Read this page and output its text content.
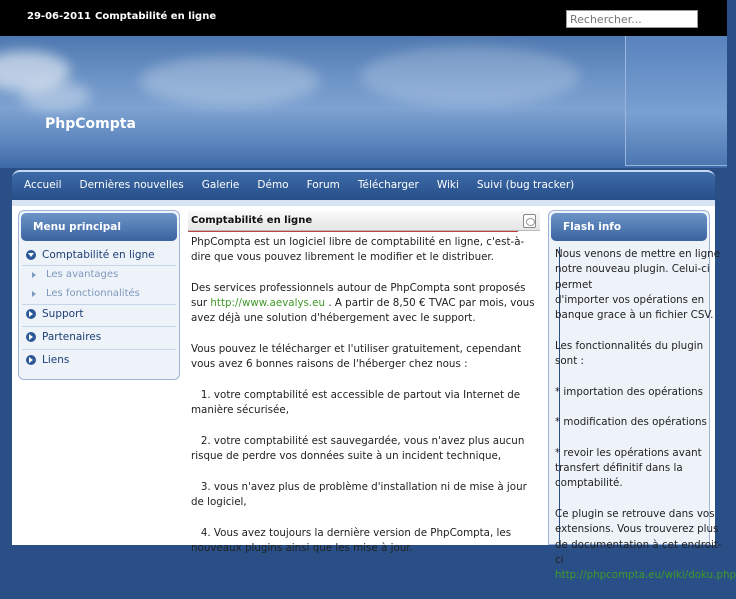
29-06-2011 Comptabilité en ligne
Rechercher...
PhpCompta
Accueil Dernières nouvelles Galerie Démo Forum Télécharger Wiki Suivi (bug tracker)
Menu principal
Comptabilité en ligne
Les avantages
Les fonctionnalités
Support
Partenaires
Liens
Comptabilité en ligne

PhpCompta est un logiciel libre de comptabilité en ligne, c'est-à-dire que vous pouvez librement le modifier et le distribuer.

Des services professionnels autour de PhpCompta sont proposés sur http://www.aevalys.eu . A partir de 8,50 € TVAC par mois, vous avez déjà une solution d'hébergement avec le support.

Vous pouvez le télécharger et l'utiliser gratuitement, cependant vous avez 6 bonnes raisons de l'héberger chez nous :

1. votre comptabilité est accessible de partout via Internet de manière sécurisée,

2. votre comptabilité est sauvegardée, vous n'avez plus aucun risque de perdre vos données suite à un incident technique,

3. vous n'avez plus de problème d'installation ni de mise à jour de logiciel,

4. Vous avez toujours la dernière version de PhpCompta, les nouveaux plugins ainsi que les mise à jour.

Flash info

Nous venons de mettre en ligne notre nouveau plugin. Celui-ci permet
d'importer vos opérations en banque grace à un fichier CSV.

Les fonctionnalités du plugin sont :

* importation des opérations

* modification des opérations

* revoir les opérations avant transfert définitif dans la comptabilité.

Ce plugin se retrouve dans vos extensions. Vous trouverez plus de documentation à cet endroit-ci
http://phpcompta.eu/wiki/doku.php
